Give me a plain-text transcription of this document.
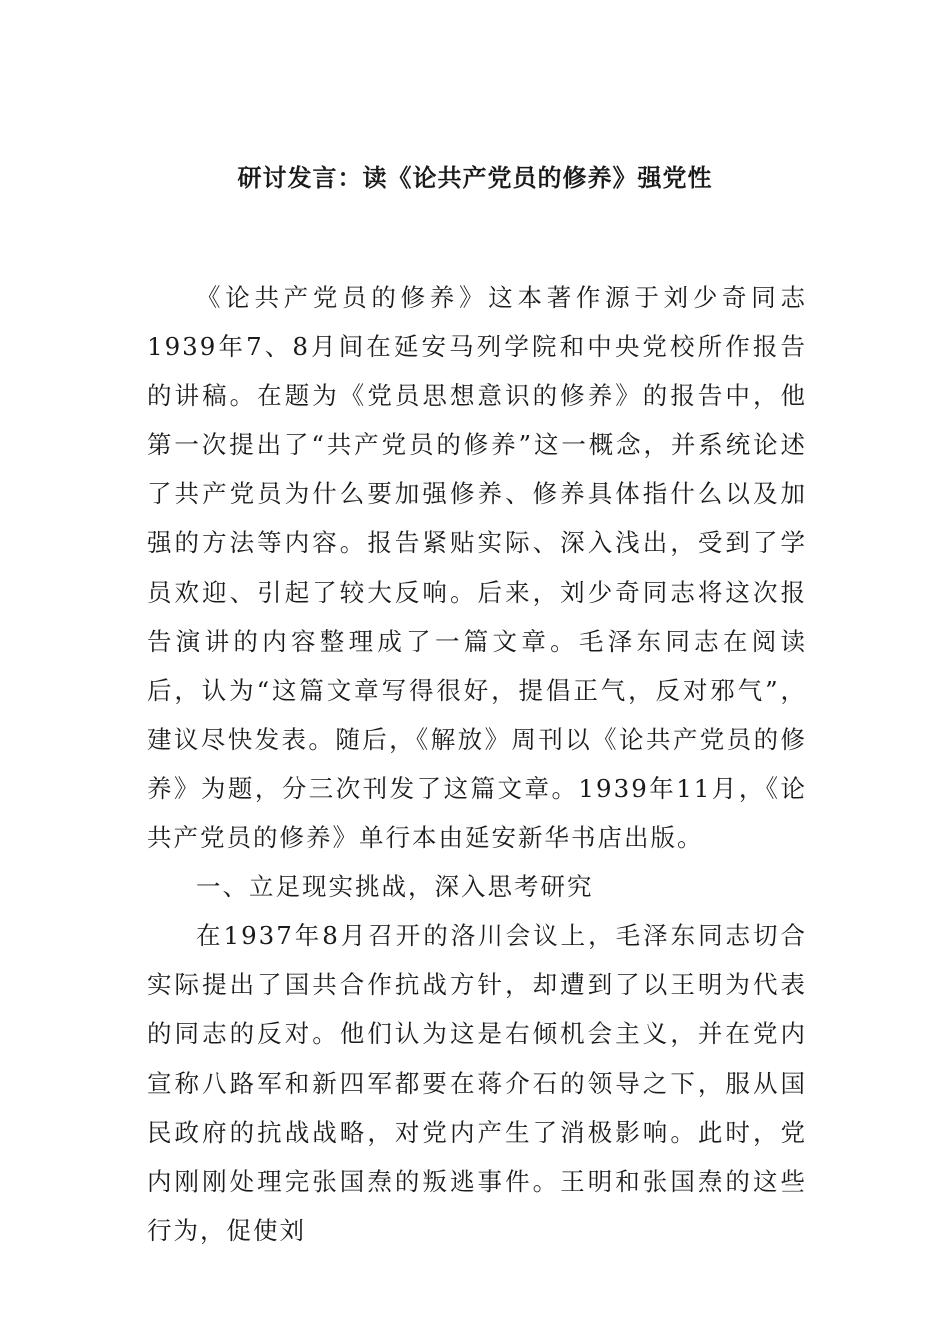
研讨发言：读《论共产党员的修养》强党性

《论共产党员的修养》这本著作源于刘少奇同志1939年7、8月间在延安马列学院和中央党校所作报告的讲稿。在题为《党员思想意识的修养》的报告中，他第一次提出了“共产党员的修养”这一概念，并系统论述了共产党员为什么要加强修养、修养具体指什么以及加强的方法等内容。报告紧贴实际、深入浅出，受到了学员欢迎、引起了较大反响。后来，刘少奇同志将这次报告演讲的内容整理成了一篇文章。毛泽东同志在阅读后，认为“这篇文章写得很好，提倡正气，反对邪气”，建议尽快发表。随后，《解放》周刊以《论共产党员的修养》为题，分三次刊发了这篇文章。1939年11月，《论共产党员的修养》单行本由延安新华书店出版。

一、立足现实挑战，深入思考研究

在1937年8月召开的洛川会议上，毛泽东同志切合实际提出了国共合作抗战方针，却遭到了以王明为代表的同志的反对。他们认为这是右倾机会主义，并在党内宣称八路军和新四军都要在蒋介石的领导之下，服从国民政府的抗战战略，对党内产生了消极影响。此时，党内刚刚处理完张国焘的叛逃事件。王明和张国焘的这些行为，促使刘
